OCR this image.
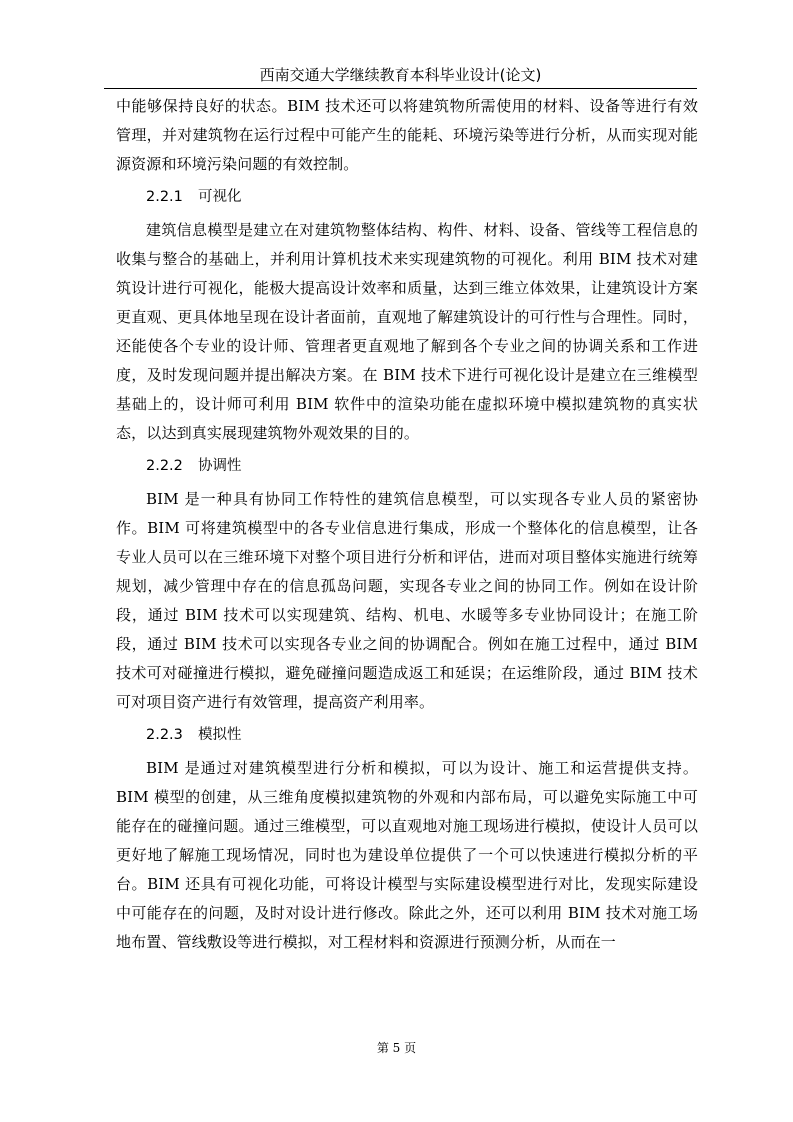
西南交通大学继续教育本科毕业设计(论文)

中能够保持良好的状态。BIM 技术还可以将建筑物所需使用的材料、设备等进行有效管理，并对建筑物在运行过程中可能产生的能耗、环境污染等进行分析，从而实现对能源资源和环境污染问题的有效控制。

2.2.1 可视化

建筑信息模型是建立在对建筑物整体结构、构件、材料、设备、管线等工程信息的收集与整合的基础上，并利用计算机技术来实现建筑物的可视化。利用 BIM 技术对建筑设计进行可视化，能极大提高设计效率和质量，达到三维立体效果，让建筑设计方案更直观、更具体地呈现在设计者面前，直观地了解建筑设计的可行性与合理性。同时，还能使各个专业的设计师、管理者更直观地了解到各个专业之间的协调关系和工作进度，及时发现问题并提出解决方案。在 BIM 技术下进行可视化设计是建立在三维模型基础上的，设计师可利用 BIM 软件中的渲染功能在虚拟环境中模拟建筑物的真实状态，以达到真实展现建筑物外观效果的目的。

2.2.2 协调性

BIM 是一种具有协同工作特性的建筑信息模型，可以实现各专业人员的紧密协作。BIM 可将建筑模型中的各专业信息进行集成，形成一个整体化的信息模型，让各专业人员可以在三维环境下对整个项目进行分析和评估，进而对项目整体实施进行统筹规划，减少管理中存在的信息孤岛问题，实现各专业之间的协同工作。例如在设计阶段，通过 BIM 技术可以实现建筑、结构、机电、水暖等多专业协同设计；在施工阶段，通过 BIM 技术可以实现各专业之间的协调配合。例如在施工过程中，通过 BIM 技术可对碰撞进行模拟，避免碰撞问题造成返工和延误；在运维阶段，通过 BIM 技术可对项目资产进行有效管理，提高资产利用率。

2.2.3 模拟性

BIM 是通过对建筑模型进行分析和模拟，可以为设计、施工和运营提供支持。BIM 模型的创建，从三维角度模拟建筑物的外观和内部布局，可以避免实际施工中可能存在的碰撞问题。通过三维模型，可以直观地对施工现场进行模拟，使设计人员可以更好地了解施工现场情况，同时也为建设单位提供了一个可以快速进行模拟分析的平台。BIM 还具有可视化功能，可将设计模型与实际建设模型进行对比，发现实际建设中可能存在的问题，及时对设计进行修改。除此之外，还可以利用 BIM 技术对施工场地布置、管线敷设等进行模拟，对工程材料和资源进行预测分析，从而在一

第 5 页
